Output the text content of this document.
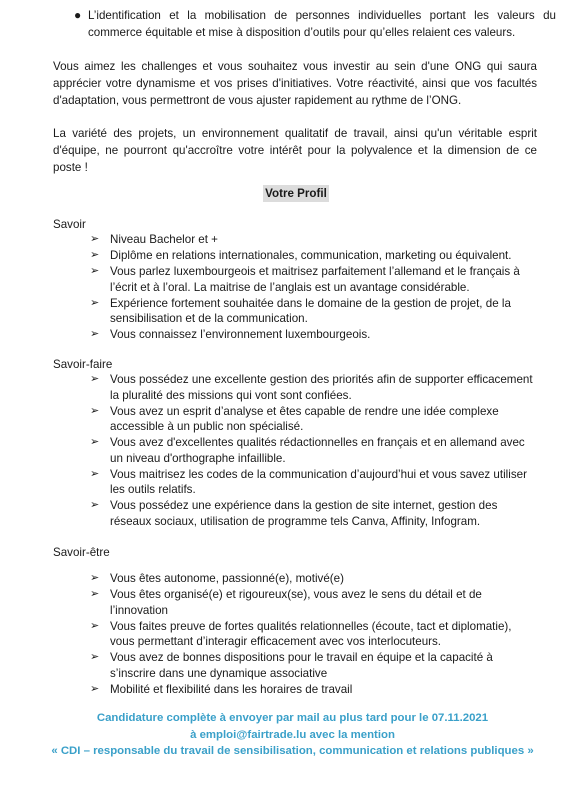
● L’identification et la mobilisation de personnes individuelles portant les valeurs du commerce équitable et mise à disposition d’outils pour qu’elles relaient ces valeurs.
Vous aimez les challenges et vous souhaitez vous investir au sein d'une ONG qui saura apprécier votre dynamisme et vos prises d'initiatives. Votre réactivité, ainsi que vos facultés d'adaptation, vous permettront de vous ajuster rapidement au rythme de l’ONG.
La variété des projets, un environnement qualitatif de travail, ainsi qu'un véritable esprit d'équipe, ne pourront qu'accroître votre intérêt pour la polyvalence et la dimension de ce poste !
Votre Profil
Savoir
➢ Niveau Bachelor et +
➢ Diplôme en relations internationales, communication, marketing ou équivalent.
➢ Vous parlez luxembourgeois et maitrisez parfaitement l’allemand et le français à l’écrit et à l’oral. La maitrise de l’anglais est un avantage considérable.
➢ Expérience fortement souhaitée dans le domaine de la gestion de projet, de la sensibilisation et de la communication.
➢ Vous connaissez l’environnement luxembourgeois.
Savoir-faire
➢ Vous possédez une excellente gestion des priorités afin de supporter efficacement la pluralité des missions qui vont sont confiées.
➢ Vous avez un esprit d’analyse et êtes capable de rendre une idée complexe accessible à un public non spécialisé.
➢ Vous avez d'excellentes qualités rédactionnelles en français et en allemand avec un niveau d'orthographe infaillible.
➢ Vous maitrisez les codes de la communication d’aujourd’hui et vous savez utiliser les outils relatifs.
➢ Vous possédez une expérience dans la gestion de site internet, gestion des réseaux sociaux, utilisation de programme tels Canva, Affinity, Infogram.
Savoir-être
➢ Vous êtes autonome, passionné(e), motivé(e)
➢ Vous êtes organisé(e) et rigoureux(se), vous avez le sens du détail et de l’innovation
➢ Vous faites preuve de fortes qualités relationnelles (écoute, tact et diplomatie), vous permettant d’interagir efficacement avec vos interlocuteurs.
➢ Vous avez de bonnes dispositions pour le travail en équipe et la capacité à s’inscrire dans une dynamique associative
➢ Mobilité et flexibilité dans les horaires de travail
Candidature complète à envoyer par mail au plus tard pour le 07.11.2021
à emploi@fairtrade.lu avec la mention
« CDI – responsable du travail de sensibilisation, communication et relations publiques »
